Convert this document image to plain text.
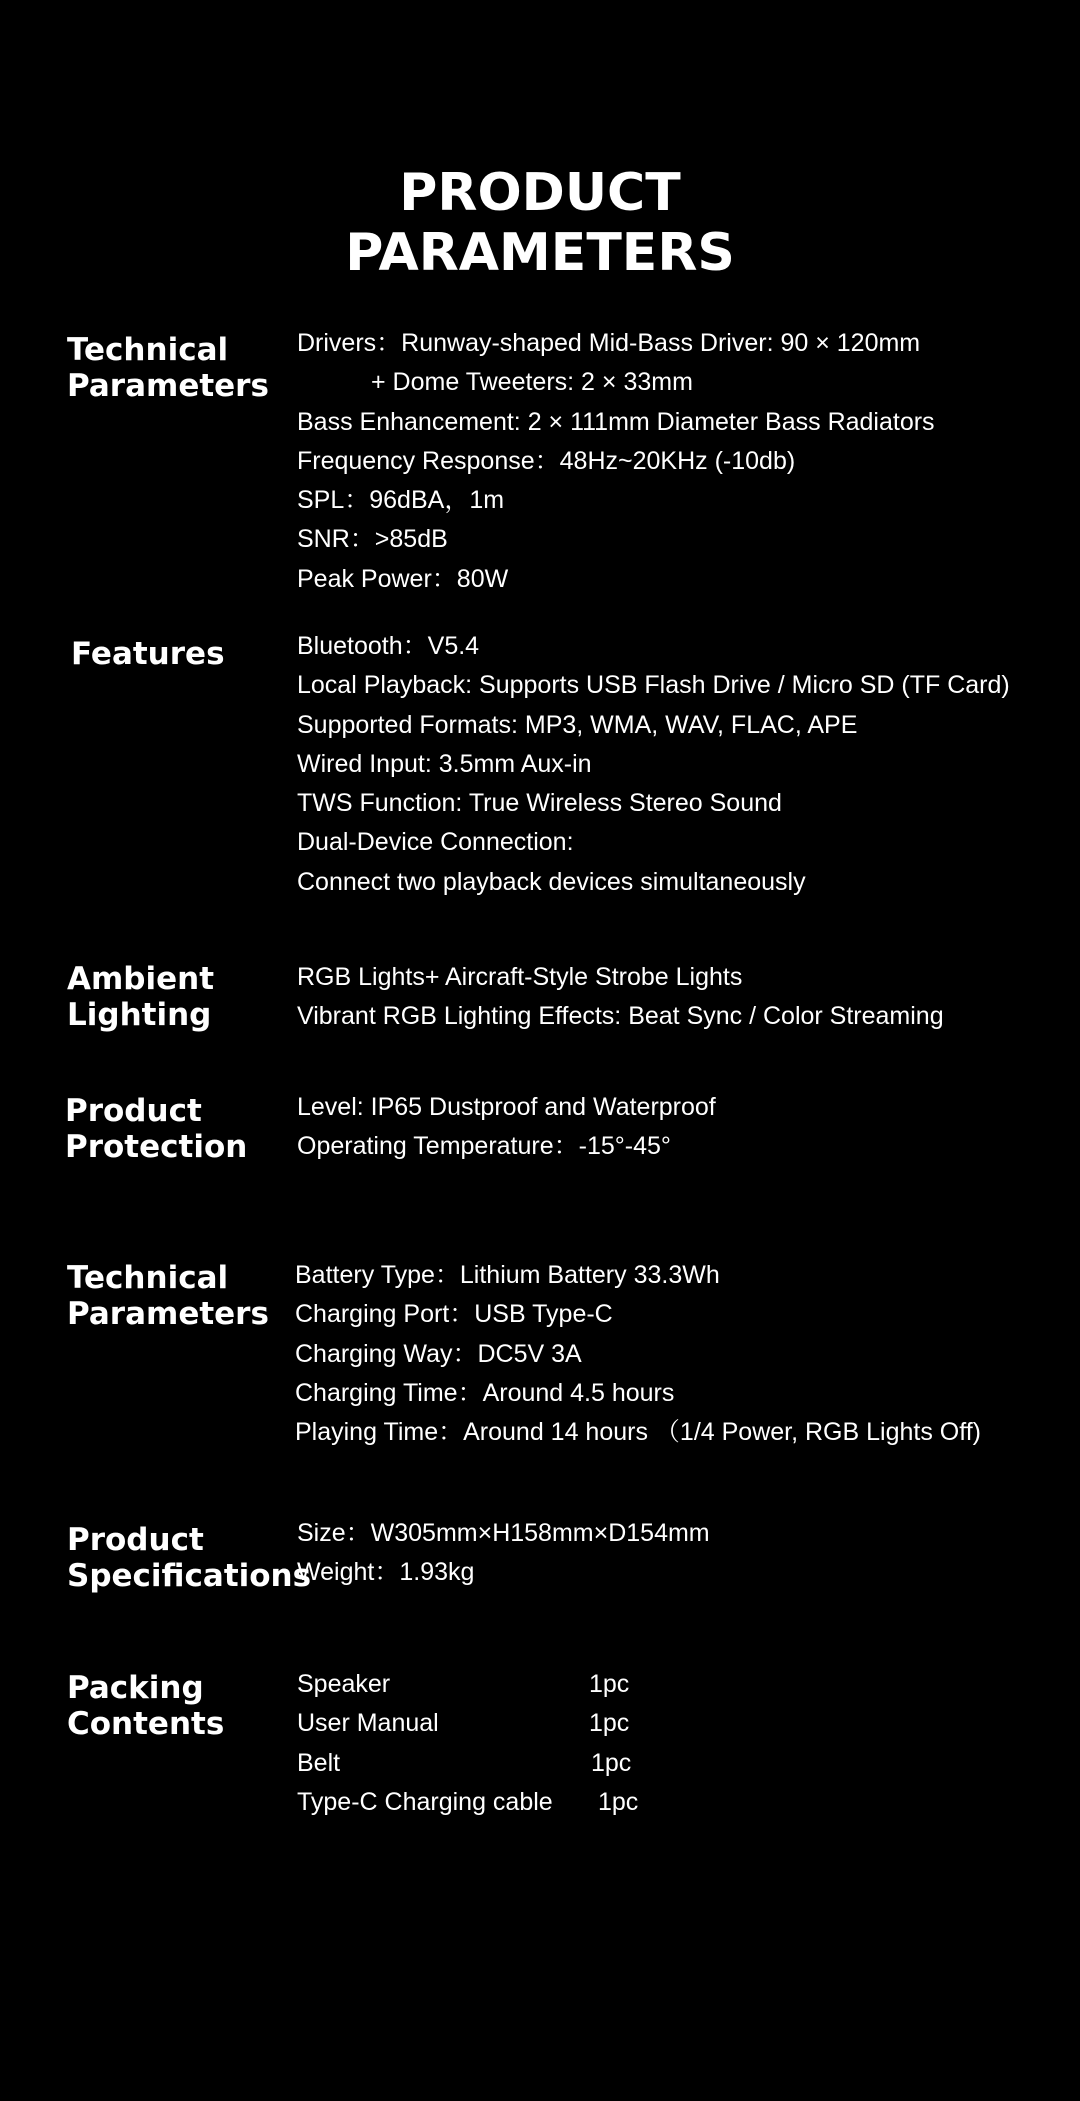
PRODUCT
PARAMETERS
Technical
Parameters
Drivers：Runway-shaped Mid-Bass Driver: 90 × 120mm
+ Dome Tweeters: 2 × 33mm
Bass Enhancement: 2 × 111mm Diameter Bass Radiators
Frequency Response：48Hz~20KHz (-10db)
SPL：96dBA，1m
SNR：>85dB
Peak Power：80W
Features	Bluetooth：V5.4
Local Playback: Supports USB Flash Drive / Micro SD (TF Card)
Supported Formats: MP3, WMA, WAV, FLAC, APE
Wired Input: 3.5mm Aux-in
TWS Function: True Wireless Stereo Sound
Dual-Device Connection:
Connect two playback devices simultaneously
Ambient
Lighting
RGB Lights+ Aircraft-Style Strobe Lights
Vibrant RGB Lighting Effects: Beat Sync / Color Streaming
Product
Protection
Level: IP65 Dustproof and Waterproof
Operating Temperature：-15°-45°
Technical
Parameters
Battery Type：Lithium Battery 33.3Wh
Charging Port：USB Type-C
Charging Way：DC5V 3A
Charging Time：Around 4.5 hours
Playing Time：Around 14 hours （1/4 Power, RGB Lights Off)
Product
Specifications
Size：W305mm×H158mm×D154mm
Weight：1.93kg
Packing
Contents
Speaker	1pc
User Manual	1pc
Belt	1pc
Type-C Charging cable 1pc
